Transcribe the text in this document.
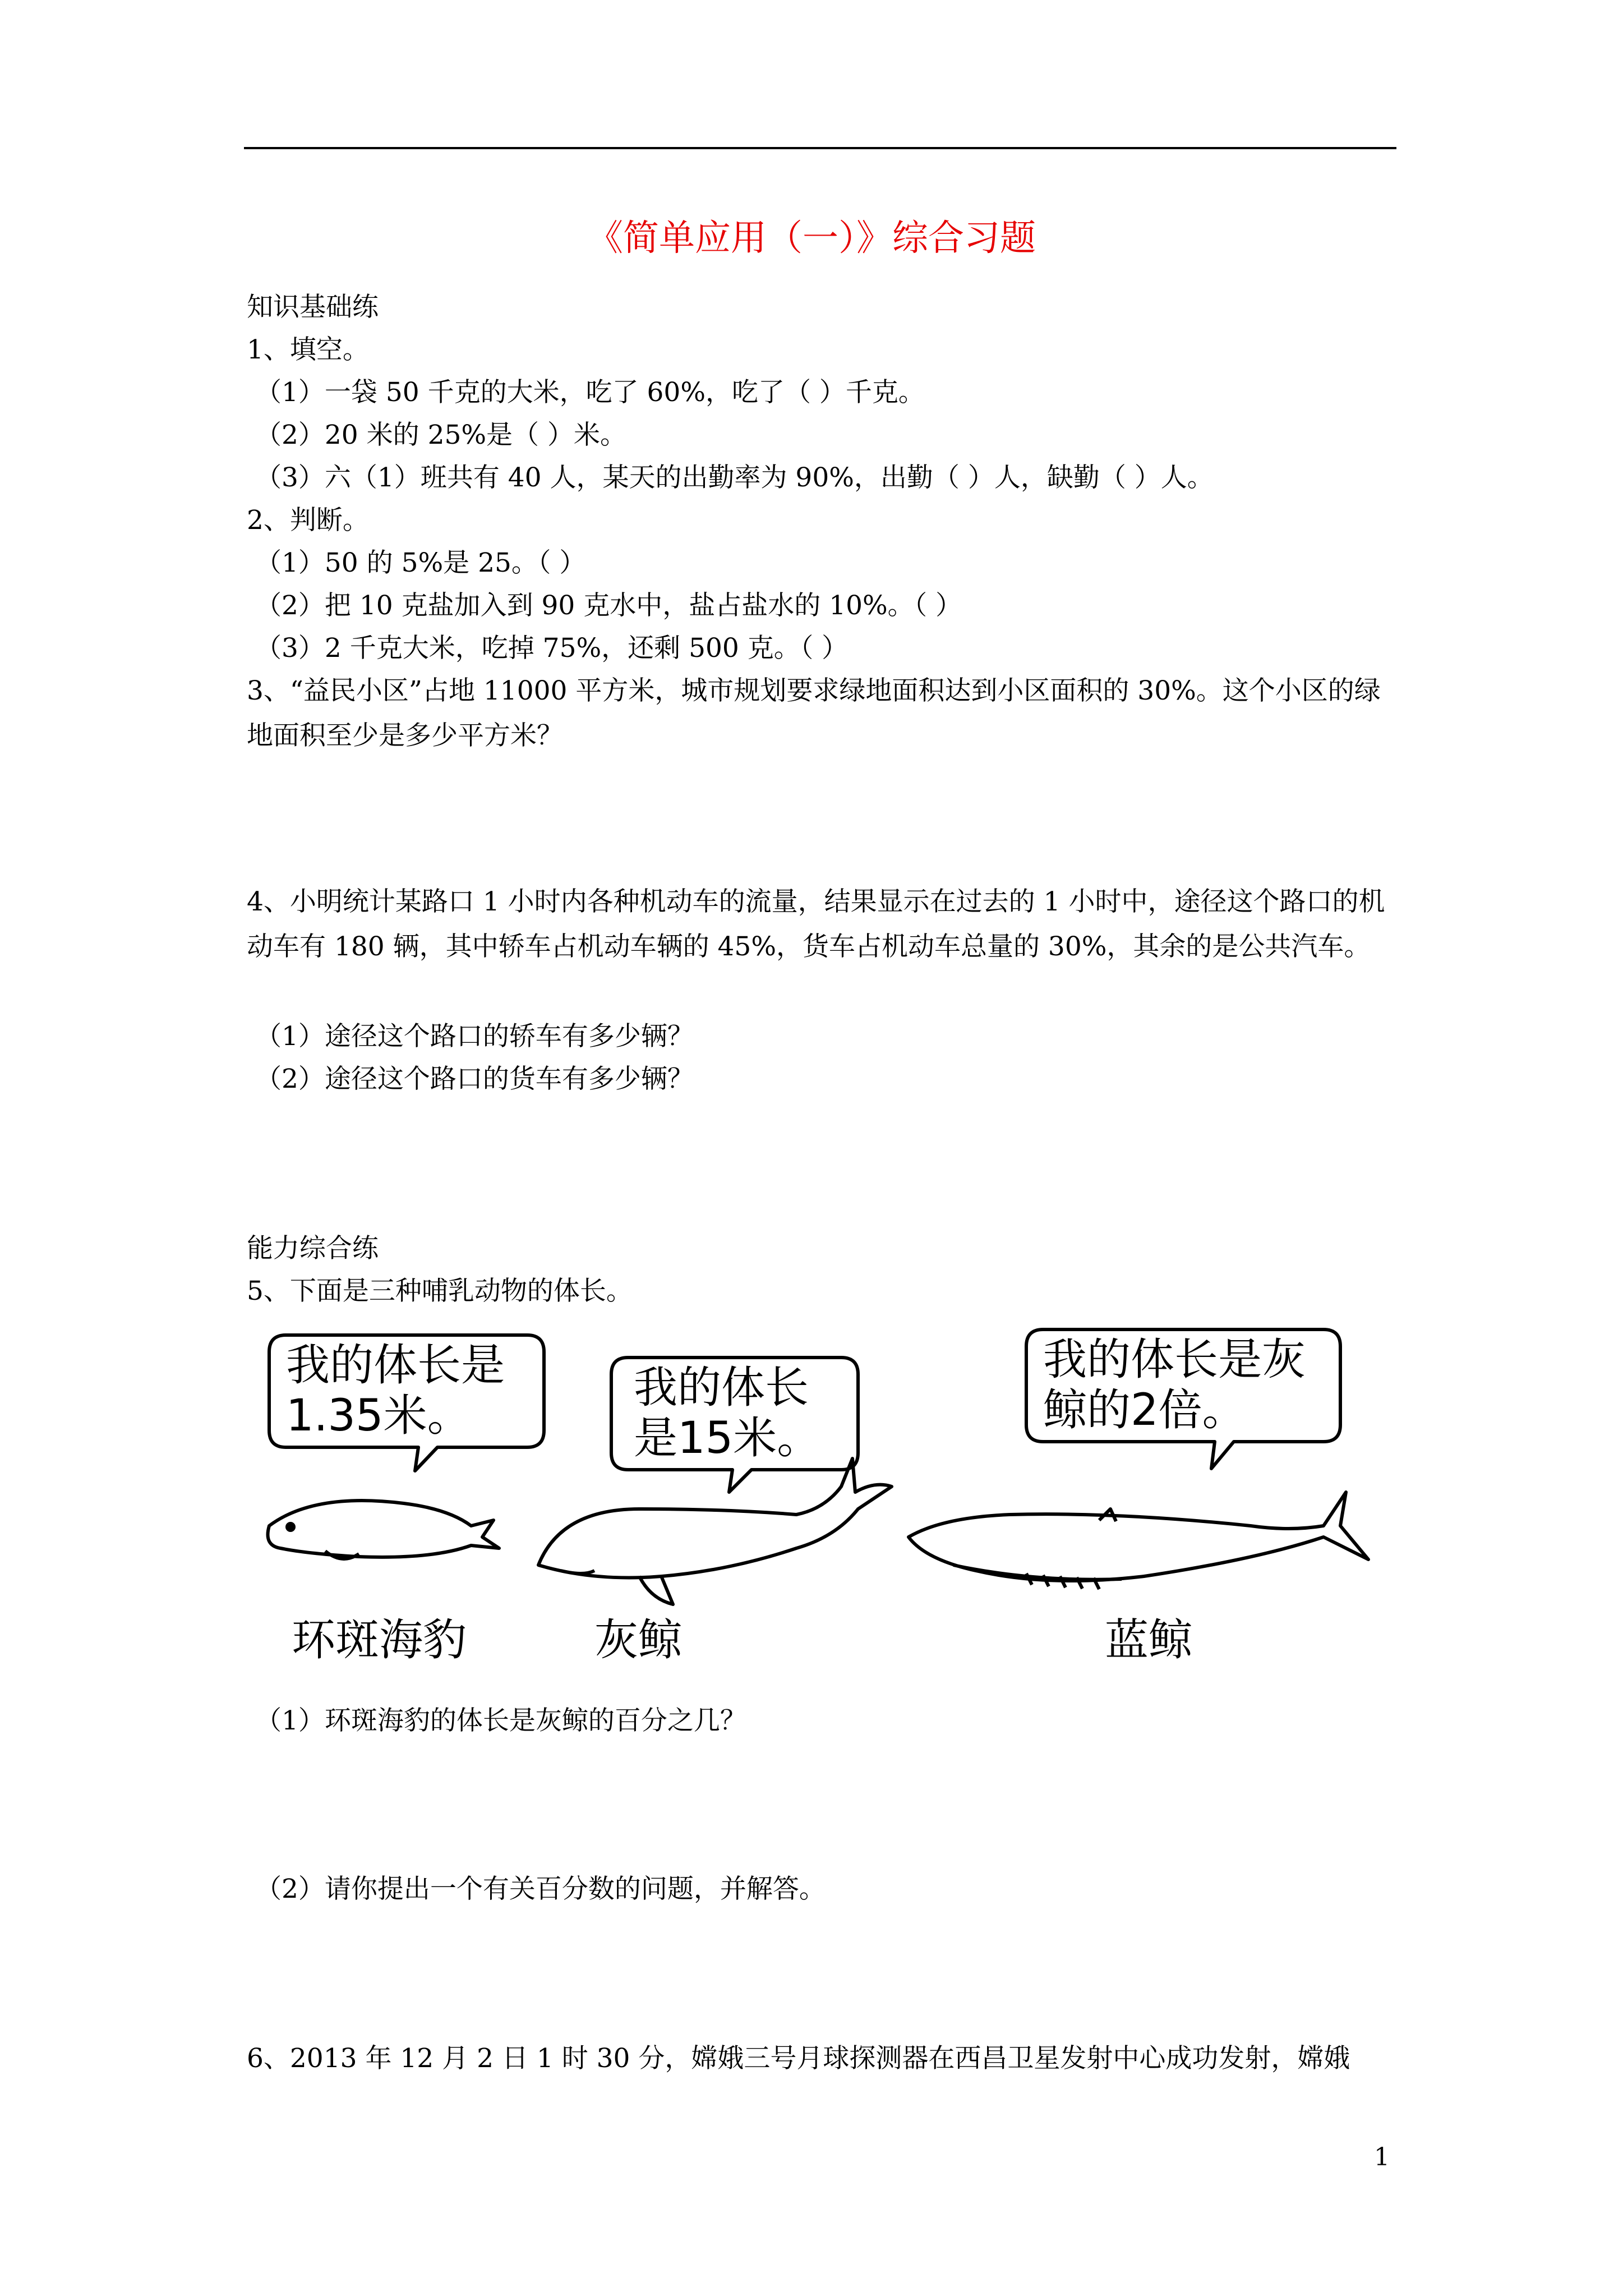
《简单应用（一）》综合习题
知识基础练
1、填空。
（1）一袋 50 千克的大米，吃了 60%，吃了（ ）千克。
（2）20 米的 25%是（ ）米。
（3）六（1）班共有 40 人，某天的出勤率为 90%，出勤（ ）人，缺勤（ ）人。
2、判断。
（1）50 的 5%是 25。（ ）
（2）把 10 克盐加入到 90 克水中，盐占盐水的 10%。（ ）
（3）2 千克大米，吃掉 75%，还剩 500 克。（ ）
3、“益民小区”占地 11000 平方米，城市规划要求绿地面积达到小区面积的 30%。这个小区的绿地面积至少是多少平方米？
4、小明统计某路口 1 小时内各种机动车的流量，结果显示在过去的 1 小时中，途径这个路口的机动车有 180 辆，其中轿车占机动车辆的 45%，货车占机动车总量的 30%，其余的是公共汽车。
（1）途径这个路口的轿车有多少辆？
（2）途径这个路口的货车有多少辆？
能力综合练
5、下面是三种哺乳动物的体长。
我的体长是
1.35米。
我的体长
是15米。
我的体长是灰
鲸的2倍。
环斑海豹	灰鲸	蓝鲸
（1）环斑海豹的体长是灰鲸的百分之几？
（2）请你提出一个有关百分数的问题，并解答。
6、2013 年 12 月 2 日 1 时 30 分，嫦娥三号月球探测器在西昌卫星发射中心成功发射，嫦娥
1
